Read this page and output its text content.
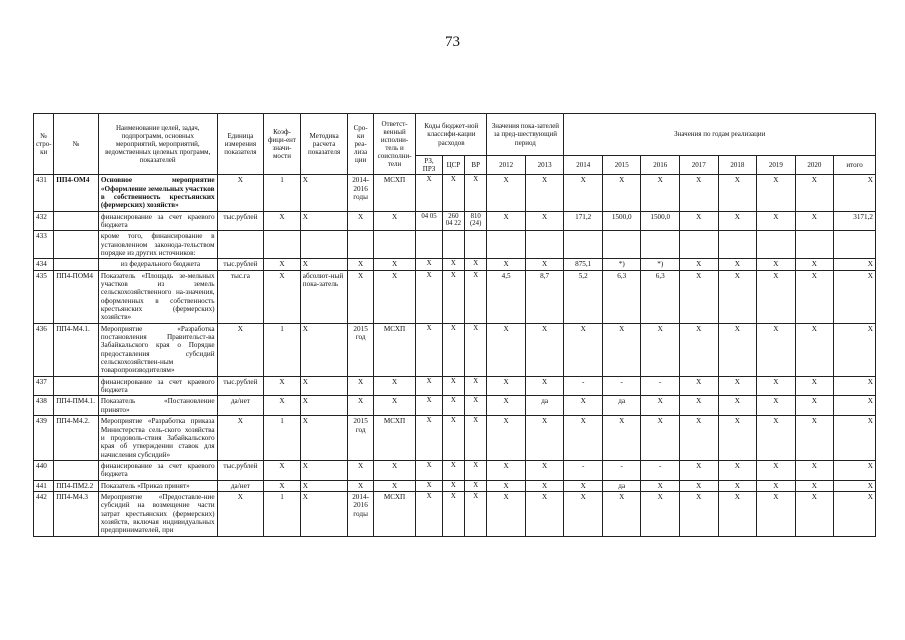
73
№ стро-ки	№	Наименование целей, задач, подпрограмм, основных мероприятий, мероприятий, ведомственных целевых программ, показателей	Единица измерения показателя	Коэф-фици-ент значи-мости	Методика расчета показателя	Сро-ки реа-лиза ции	Ответст-венный исполни-тель и соисполни-тели	Коды бюджет-ной классифи-кации расходов			Значения пока-зателей за пред-шествующий период		Значения по годам реализации							
								РЗ, ПРЗ	ЦСР	ВР	2012	2013	2014	2015	2016	2017	2018	2019	2020	итого
431	ПП4-ОМ4	Основное мероприятие «Оформление земельных участков в собственность крестьянских (фермерских) хозяйств»	X	1	X	2014-2016 годы	МСХП	X	X	X	X	X	X	X	X	X	X	X	X	X
432		финансирование за счет краевого бюджета	тыс.рублей	X	X	X	X	04 05	260 04 22	810 (24)	X	X	171,2	1500,0	1500,0	X	X	X	X	3171,2
433		кроме того, финансирование в установленном законода-тельством порядке из других источников:																		
434		из федерального бюджета	тыс.рублей	X	X	X	X	X	X	X	X	X	875,1	*)	*)	X	X	X	X	X
435	ПП4-ПОМ4	Показатель «Площадь зе-мельных участков из земель сельскохозяйственного на-значения, оформленных в собственность крестьянских (фермерских) хозяйств»	тыс.га	X	абсолют-ный пока-затель	X	X	X	X	X	4,5	8,7	5,2	6,3	6,3	X	X	X	X	X
436	ПП4-М4.1.	Мероприятие «Разработка постановления Правительст-ва Забайкальского края о Порядке предоставления субсидий сельскохозяйствен-ным товаропроизводителям»	X	1	X	2015 год	МСХП	X	X	X	X	X	X	X	X	X	X	X	X	X
437		финансирование за счет краевого бюджета	тыс.рублей	X	X	X	X	X	X	X	X	X	-	-	-	X	X	X	X	X
438	ПП4-ПМ4.1.	Показатель «Постановление принято»	да/нет	X	X	X	X	X	X	X	X	да	X	да	X	X	X	X	X	X
439	ПП4-М4.2.	Мероприятие «Разработка приказа Министерства сель-ского хозяйства и продоволь-ствия Забайкальского края об утверждении ставок для начисления субсидий»	X	1	X	2015 год	МСХП	X	X	X	X	X	X	X	X	X	X	X	X	X
440		финансирование за счет краевого бюджета	тыс.рублей	X	X	X	X	X	X	X	X	X	-	-	-	X	X	X	X	X
441	ПП4-ПМ2.2	Показатель «Приказ принят»	да/нет	X	X	X	X	X	X	X	X	X	X	да	X	X	X	X	X	X
442	ПП4-М4.3	Мероприятие «Предоставле-ние субсидий на возмещение части затрат крестьянских (фермерских) хозяйств, включая индивидуальных предпринимателей, при	X	1	X	2014-2016 годы	МСХП	X	X	X	X	X	X	X	X	X	X	X	X	X
